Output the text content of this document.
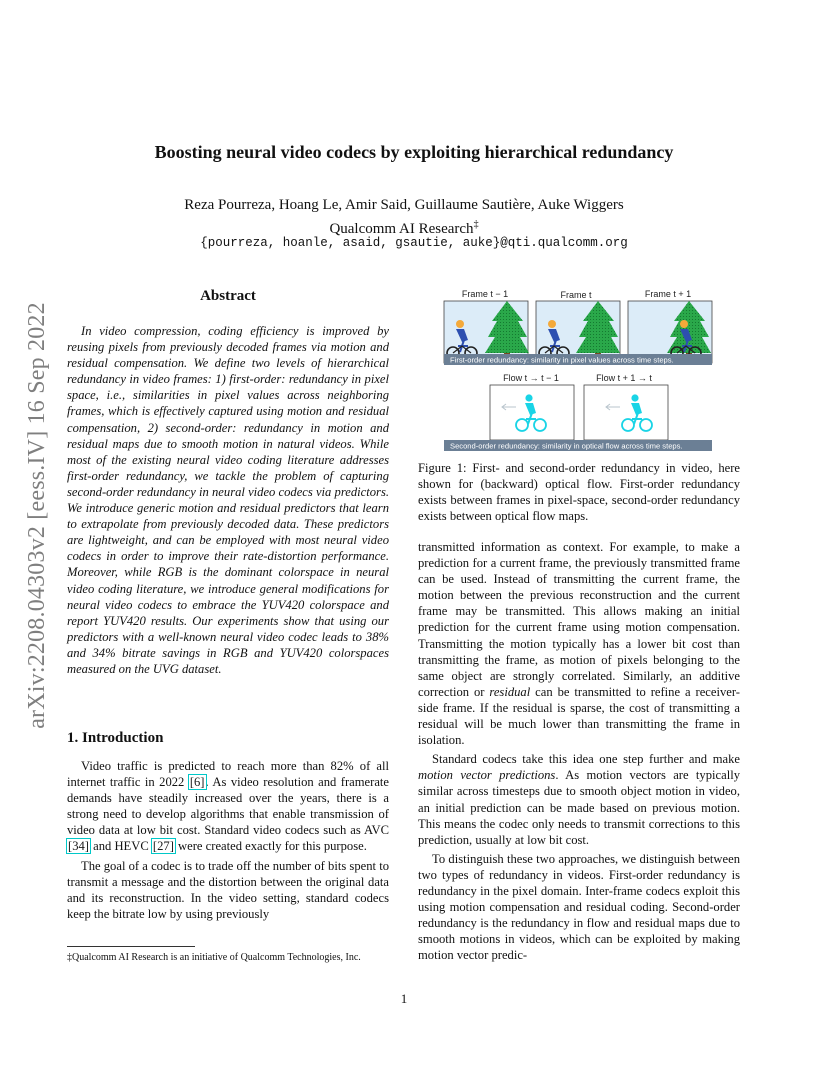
arXiv:2208.04303v2 [eess.IV] 16 Sep 2022
Boosting neural video codecs by exploiting hierarchical redundancy
Reza Pourreza, Hoang Le, Amir Said, Guillaume Sautière, Auke Wiggers
Qualcomm AI Research‡
{pourreza, hoanle, asaid, gsautie, auke}@qti.qualcomm.org
Abstract

In video compression, coding efficiency is improved by reusing pixels from previously decoded frames via motion and residual compensation. We define two levels of hierarchical redundancy in video frames: 1) first-order: redundancy in pixel space, i.e., similarities in pixel values across neighboring frames, which is effectively captured using motion and residual compensation, 2) second-order: redundancy in motion and residual maps due to smooth motion in natural videos. While most of the existing neural video coding literature addresses first-order redundancy, we tackle the problem of capturing second-order redundancy in neural video codecs via predictors. We introduce generic motion and residual predictors that learn to extrapolate from previously decoded data. These predictors are lightweight, and can be employed with most neural video codecs in order to improve their rate-distortion performance. Moreover, while RGB is the dominant colorspace in neural video coding literature, we introduce general modifications for neural video codecs to embrace the YUV420 colorspace and report YUV420 results. Our experiments show that using our predictors with a well-known neural video codec leads to 38% and 34% bitrate savings in RGB and YUV420 colorspaces measured on the UVG dataset.

1. Introduction

Video traffic is predicted to reach more than 82% of all internet traffic in 2022 [6]. As video resolution and framerate demands have steadily increased over the years, there is a strong need to develop algorithms that enable transmission of video data at low bit cost. Standard video codecs such as AVC [34] and HEVC [27] were created exactly for this purpose.

The goal of a codec is to trade off the number of bits spent to transmit a message and the distortion between the original data and its reconstruction. In the video setting, standard codecs keep the bitrate low by using previously

‡Qualcomm AI Research is an initiative of Qualcomm Technologies, Inc.
Frame t − 1	Frame t	Frame t + 1
First-order redundancy: similarity in pixel values across time steps.
Flow t → t − 1	Flow t + 1 → t
Second-order redundancy: similarity in optical flow across time steps.

Figure 1: First- and second-order redundancy in video, here shown for (backward) optical flow. First-order redundancy exists between frames in pixel-space, second-order redundancy exists between optical flow maps.

transmitted information as context. For example, to make a prediction for a current frame, the previously transmitted frame can be used. Instead of transmitting the current frame, the motion between the previous reconstruction and the current frame may be transmitted. This allows making an initial prediction for the current frame using motion compensation. Transmitting the motion typically has a lower bit cost than transmitting the frame, as motion of pixels belonging to the same object are strongly correlated. Similarly, an additive correction or residual can be transmitted to refine a receiver-side frame. If the residual is sparse, the cost of transmitting a residual will be much lower than transmitting the frame in isolation.

Standard codecs take this idea one step further and make motion vector predictions. As motion vectors are typically similar across timesteps due to smooth object motion in video, an initial prediction can be made based on previous motion. This means the codec only needs to transmit corrections to this prediction, usually at low bit cost.

To distinguish these two approaches, we distinguish between two types of redundancy in videos. First-order redundancy is redundancy in the pixel domain. Inter-frame codecs exploit this using motion compensation and residual coding. Second-order redundancy is the redundancy in flow and residual maps due to smooth motions in videos, which can be exploited by making motion vector predic-

1
